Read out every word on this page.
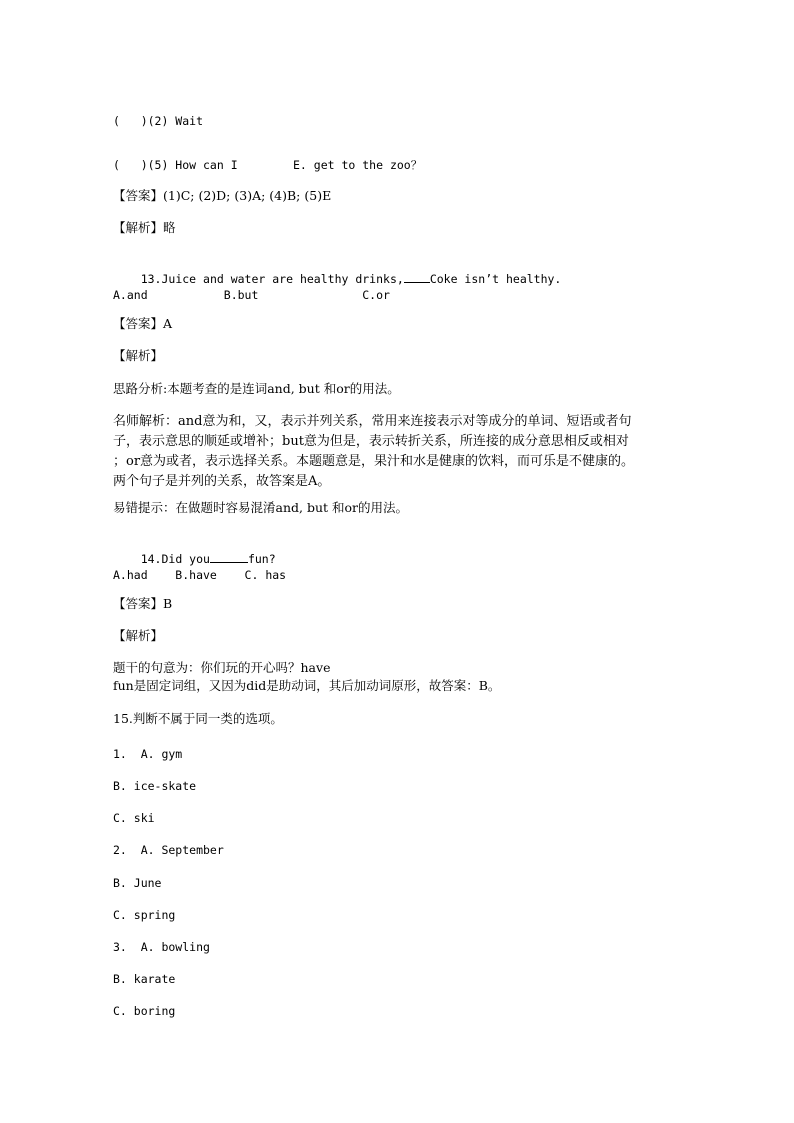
(   )(2) Wait
(   )(5) How can I        E. get to the zoo？
【答案】(1)C; (2)D; (3)A; (4)B; (5)E
【解析】略

13.Juice and water are healthy drinks, Coke isn’t healthy.

A.and           B.but               C.or
【答案】A
【解析】
思路分析:本题考查的是连词and, but 和or的用法。
名师解析：and意为和，又，表示并列关系，常用来连接表示对等成分的单词、短语或者句
子，表示意思的顺延或增补；but意为但是，表示转折关系，所连接的成分意思相反或相对
；or意为或者，表示选择关系。本题题意是，果汁和水是健康的饮料，而可乐是不健康的。
两个句子是并列的关系，故答案是A。
易错提示：在做题时容易混淆and, but 和or的用法。

14.Did you	fun?

A.had    B.have    C. has
【答案】B
【解析】
题干的句意为：你们玩的开心吗？have
fun是固定词组，又因为did是助动词，其后加动词原形，故答案：B。
15.判断不属于同一类的选项。
1.  A. gym
B. ice-skate
C. ski
2.  A. September
B. June
C. spring
3.  A. bowling
B. karate
C. boring
